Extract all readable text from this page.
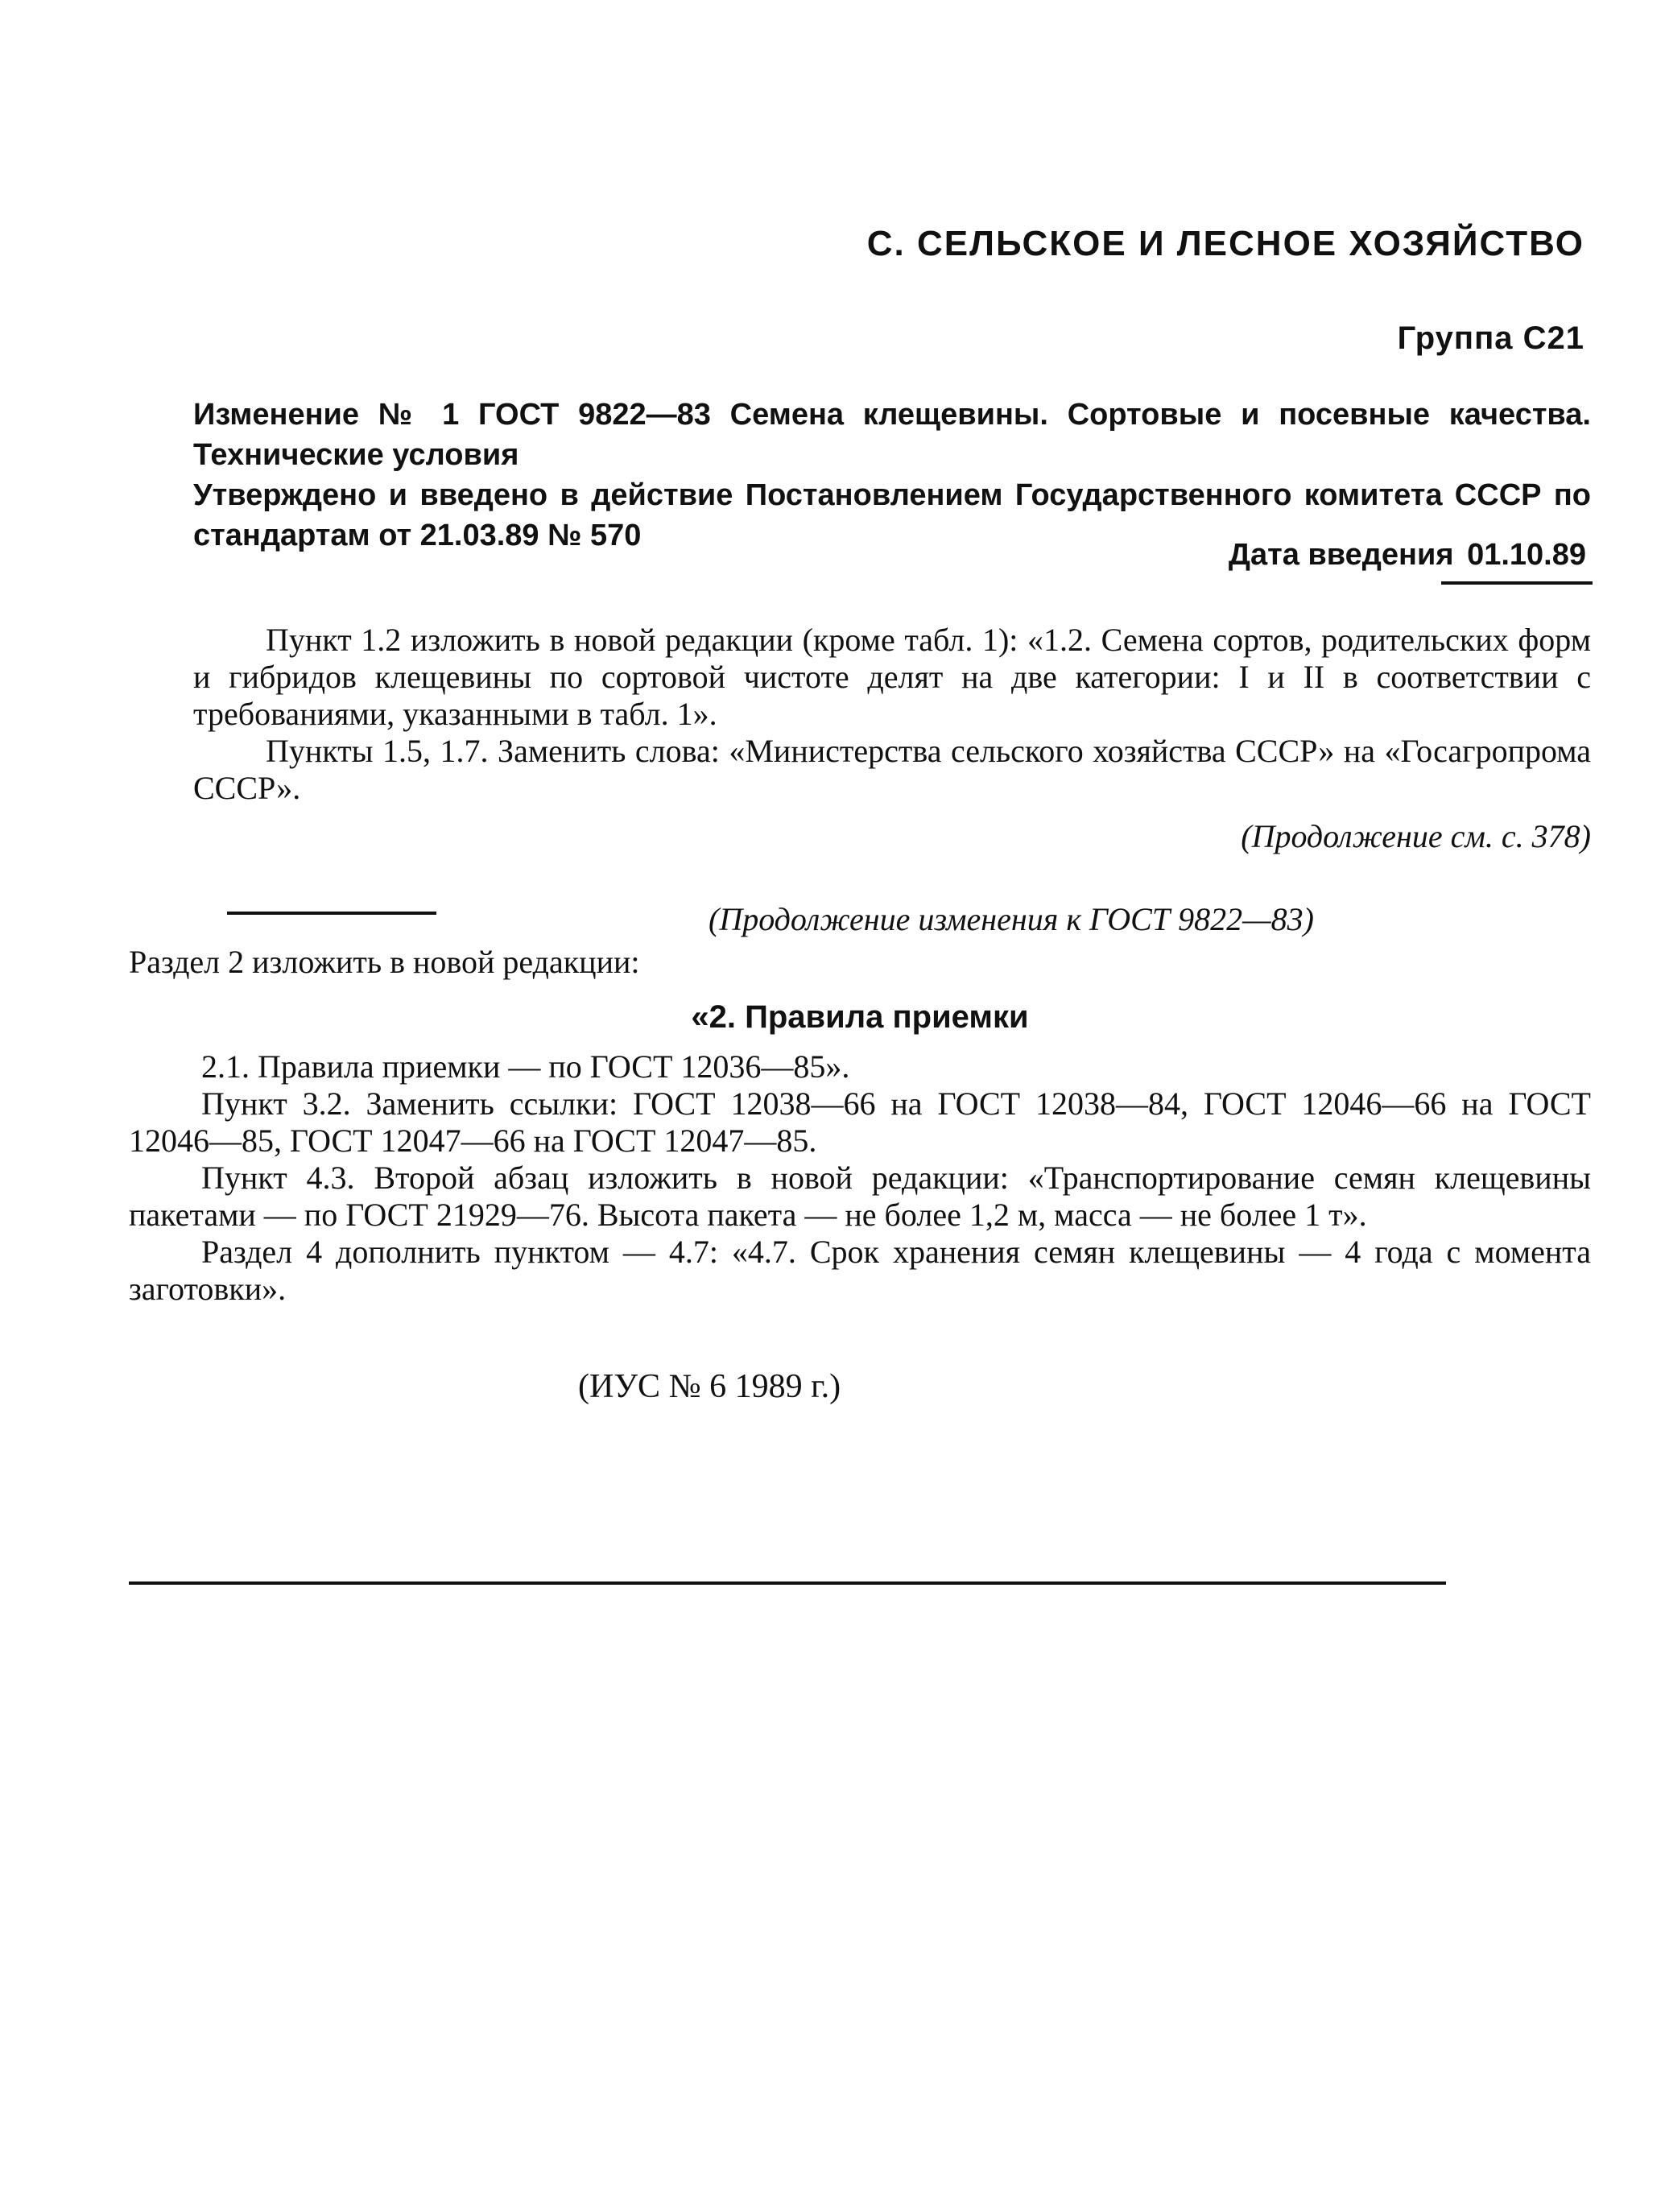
С. СЕЛЬСКОЕ И ЛЕСНОЕ ХОЗЯЙСТВО
Группа С21

Изменение № 1 ГОСТ 9822—83 Семена клещевины. Сортовые и посевные качества. Технические условия

Утверждено и введено в действие Постановлением Государственного комитета СССР по стандартам от 21.03.89 № 570

Дата введения 01.10.89

Пункт 1.2 изложить в новой редакции (кроме табл. 1): «1.2. Семена сортов, родительских форм и гибридов клещевины по сортовой чистоте делят на две категории: I и II в соответствии с требованиями, указанными в табл. 1».

Пункты 1.5, 1.7. Заменить слова: «Министерства сельского хозяйства СССР» на «Госагропрома СССР».

(Продолжение см. с. 378)
(Продолжение изменения к ГОСТ 9822—83)

Раздел 2 изложить в новой редакции:

«2. Правила приемки

2.1. Правила приемки — по ГОСТ 12036—85».

Пункт 3.2. Заменить ссылки: ГОСТ 12038—66 на ГОСТ 12038—84, ГОСТ 12046—66 на ГОСТ 12046—85, ГОСТ 12047—66 на ГОСТ 12047—85.

Пункт 4.3. Второй абзац изложить в новой редакции: «Транспортирование семян клещевины пакетами — по ГОСТ 21929—76. Высота пакета — не более 1,2 м, масса — не более 1 т».

Раздел 4 дополнить пунктом — 4.7: «4.7. Срок хранения семян клещевины — 4 года с момента заготовки».

(ИУС № 6 1989 г.)
